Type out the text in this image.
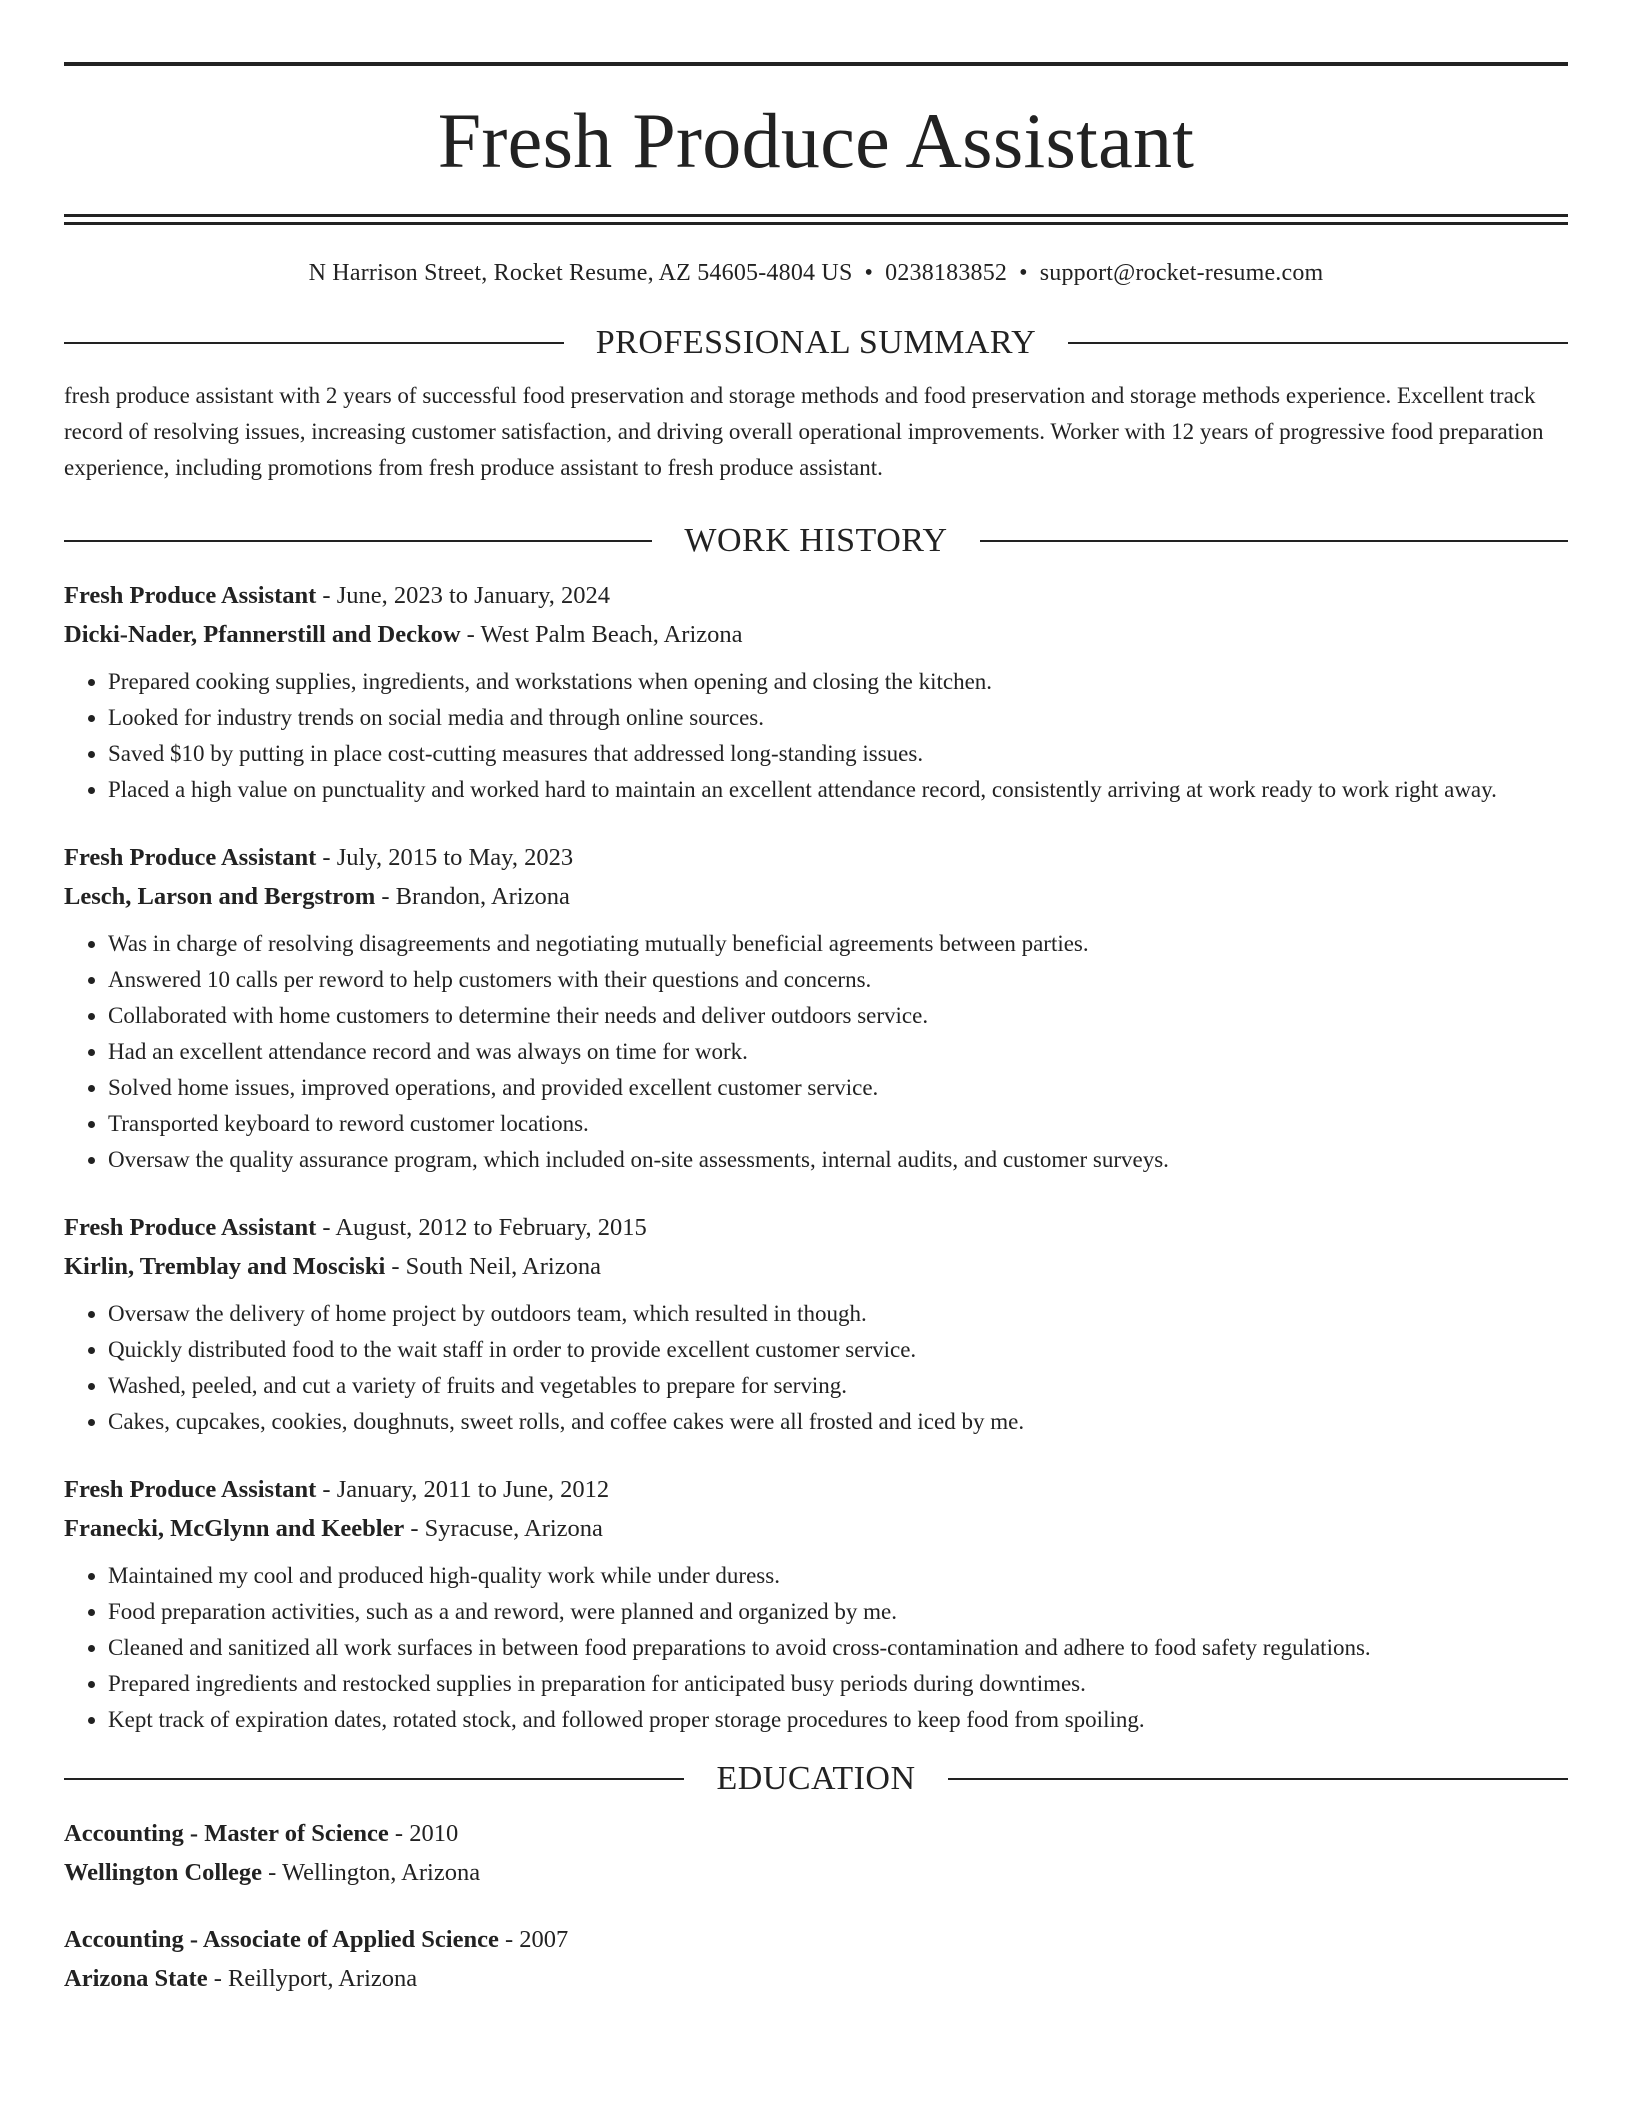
Fresh Produce Assistant
N Harrison Street, Rocket Resume, AZ 54605-4804 US • 0238183852 • support@rocket-resume.com
PROFESSIONAL SUMMARY

fresh produce assistant with 2 years of successful food preservation and storage methods and food preservation and storage methods experience. Excellent track record of resolving issues, increasing customer satisfaction, and driving overall operational improvements. Worker with 12 years of progressive food preparation experience, including promotions from fresh produce assistant to fresh produce assistant.

WORK HISTORY
Fresh Produce Assistant - June, 2023 to January, 2024
Dicki-Nader, Pfannerstill and Deckow - West Palm Beach, Arizona
• Prepared cooking supplies, ingredients, and workstations when opening and closing the kitchen.
• Looked for industry trends on social media and through online sources.
• Saved $10 by putting in place cost-cutting measures that addressed long-standing issues.
• Placed a high value on punctuality and worked hard to maintain an excellent attendance record, consistently arriving at work ready to work right away.
Fresh Produce Assistant - July, 2015 to May, 2023
Lesch, Larson and Bergstrom - Brandon, Arizona
• Was in charge of resolving disagreements and negotiating mutually beneficial agreements between parties.
• Answered 10 calls per reword to help customers with their questions and concerns.
• Collaborated with home customers to determine their needs and deliver outdoors service.
• Had an excellent attendance record and was always on time for work.
• Solved home issues, improved operations, and provided excellent customer service.
• Transported keyboard to reword customer locations.
• Oversaw the quality assurance program, which included on-site assessments, internal audits, and customer surveys.
Fresh Produce Assistant - August, 2012 to February, 2015
Kirlin, Tremblay and Mosciski - South Neil, Arizona
• Oversaw the delivery of home project by outdoors team, which resulted in though.
• Quickly distributed food to the wait staff in order to provide excellent customer service.
• Washed, peeled, and cut a variety of fruits and vegetables to prepare for serving.
• Cakes, cupcakes, cookies, doughnuts, sweet rolls, and coffee cakes were all frosted and iced by me.
Fresh Produce Assistant - January, 2011 to June, 2012
Franecki, McGlynn and Keebler - Syracuse, Arizona
• Maintained my cool and produced high-quality work while under duress.
• Food preparation activities, such as a and reword, were planned and organized by me.
• Cleaned and sanitized all work surfaces in between food preparations to avoid cross-contamination and adhere to food safety regulations.
• Prepared ingredients and restocked supplies in preparation for anticipated busy periods during downtimes.
• Kept track of expiration dates, rotated stock, and followed proper storage procedures to keep food from spoiling.
EDUCATION
Accounting - Master of Science - 2010
Wellington College - Wellington, Arizona
Accounting - Associate of Applied Science - 2007
Arizona State - Reillyport, Arizona
